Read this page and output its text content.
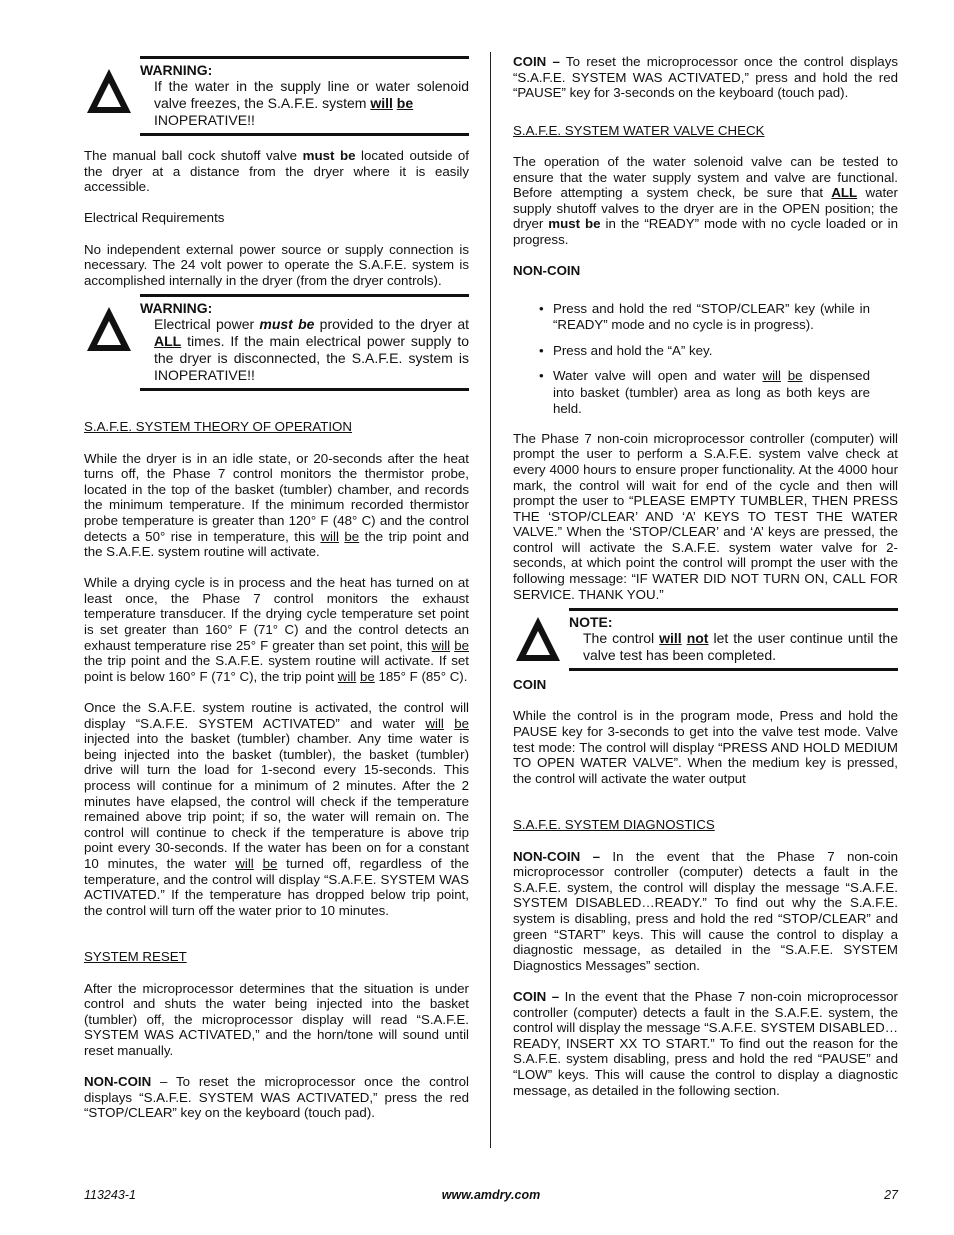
WARNING:
If the water in the supply line or water solenoid valve freezes, the S.A.F.E. system will be
INOPERATIVE!!

The manual ball cock shutoff valve must be located outside of the dryer at a distance from the dryer where it is easily accessible.

Electrical Requirements

No independent external power source or supply connection is necessary. The 24 volt power to operate the S.A.F.E. system is accomplished internally in the dryer (from the dryer controls).

WARNING:
Electrical power must be provided to the dryer at ALL times. If the main electrical power supply to the dryer is disconnected, the S.A.F.E. system is INOPERATIVE!!

S.A.F.E. SYSTEM THEORY OF OPERATION

While the dryer is in an idle state, or 20-seconds after the heat turns off, the Phase 7 control monitors the thermistor probe, located in the top of the basket (tumbler) chamber, and records the minimum temperature. If the minimum recorded thermistor probe temperature is greater than 120° F (48° C) and the control detects a 50° rise in temperature, this will be the trip point and the S.A.F.E. system routine will activate.

While a drying cycle is in process and the heat has turned on at least once, the Phase 7 control monitors the exhaust temperature transducer. If the drying cycle temperature set point is set greater than 160° F (71° C) and the control detects an exhaust temperature rise 25° F greater than set point, this will be the trip point and the S.A.F.E. system routine will activate. If set point is below 160° F (71° C), the trip point will be 185° F (85° C).

Once the S.A.F.E. system routine is activated, the control will display “S.A.F.E. SYSTEM ACTIVATED” and water will be injected into the basket (tumbler) chamber. Any time water is being injected into the basket (tumbler), the basket (tumbler) drive will turn the load for 1-second every 15-seconds. This process will continue for a minimum of 2 minutes. After the 2 minutes have elapsed, the control will check if the temperature remained above trip point; if so, the water will remain on. The control will continue to check if the temperature is above trip point every 30-seconds. If the water has been on for a constant 10 minutes, the water will be turned off, regardless of the temperature, and the control will display “S.A.F.E. SYSTEM WAS ACTIVATED.” If the temperature has dropped below trip point, the control will turn off the water prior to 10 minutes.

SYSTEM RESET

After the microprocessor determines that the situation is under control and shuts the water being injected into the basket (tumbler) off, the microprocessor display will read “S.A.F.E. SYSTEM WAS ACTIVATED,” and the horn/tone will sound until reset manually.

NON-COIN – To reset the microprocessor once the control displays “S.A.F.E. SYSTEM WAS ACTIVATED,” press the red “STOP/CLEAR” key on the keyboard (touch pad).

COIN – To reset the microprocessor once the control displays “S.A.F.E. SYSTEM WAS ACTIVATED,” press and hold the red “PAUSE” key for 3-seconds on the keyboard (touch pad).

S.A.F.E. SYSTEM WATER VALVE CHECK

The operation of the water solenoid valve can be tested to ensure that the water supply system and valve are functional. Before attempting a system check, be sure that ALL water supply shutoff valves to the dryer are in the OPEN position; the dryer must be in the “READY” mode with no cycle loaded or in progress.

NON-COIN

• Press and hold the red “STOP/CLEAR” key (while in “READY” mode and no cycle is in progress).
• Press and hold the “A” key.
• Water valve will open and water will be dispensed into basket (tumbler) area as long as both keys are held.

The Phase 7 non-coin microprocessor controller (computer) will prompt the user to perform a S.A.F.E. system valve check at every 4000 hours to ensure proper functionality. At the 4000 hour mark, the control will wait for end of the cycle and then will prompt the user to “PLEASE EMPTY TUMBLER, THEN PRESS THE ‘STOP/CLEAR’ AND ‘A’ KEYS TO TEST THE WATER VALVE.” When the ‘STOP/CLEAR’ and ‘A’ keys are pressed, the control will activate the S.A.F.E. system water valve for 2-seconds, at which point the control will prompt the user with the following message: “IF WATER DID NOT TURN ON, CALL FOR SERVICE. THANK YOU.”

NOTE:
The control will not let the user continue until the valve test has been completed.

COIN

While the control is in the program mode, Press and hold the PAUSE key for 3-seconds to get into the valve test mode. Valve test mode: The control will display “PRESS AND HOLD MEDIUM TO OPEN WATER VALVE”. When the medium key is pressed, the control will activate the water output

S.A.F.E. SYSTEM DIAGNOSTICS

NON-COIN – In the event that the Phase 7 non-coin microprocessor controller (computer) detects a fault in the S.A.F.E. system, the control will display the message “S.A.F.E. SYSTEM DISABLED…READY.” To find out why the S.A.F.E. system is disabling, press and hold the red “STOP/CLEAR” and green “START” keys. This will cause the control to display a diagnostic message, as detailed in the “S.A.F.E. SYSTEM Diagnostics Messages” section.

COIN – In the event that the Phase 7 non-coin microprocessor controller (computer) detects a fault in the S.A.F.E. system, the control will display the message “S.A.F.E. SYSTEM DISABLED…READY, INSERT XX TO START.” To find out the reason for the S.A.F.E. system disabling, press and hold the red “PAUSE” and “LOW” keys. This will cause the control to display a diagnostic message, as detailed in the following section.

113243-1	www.amdry.com	27
